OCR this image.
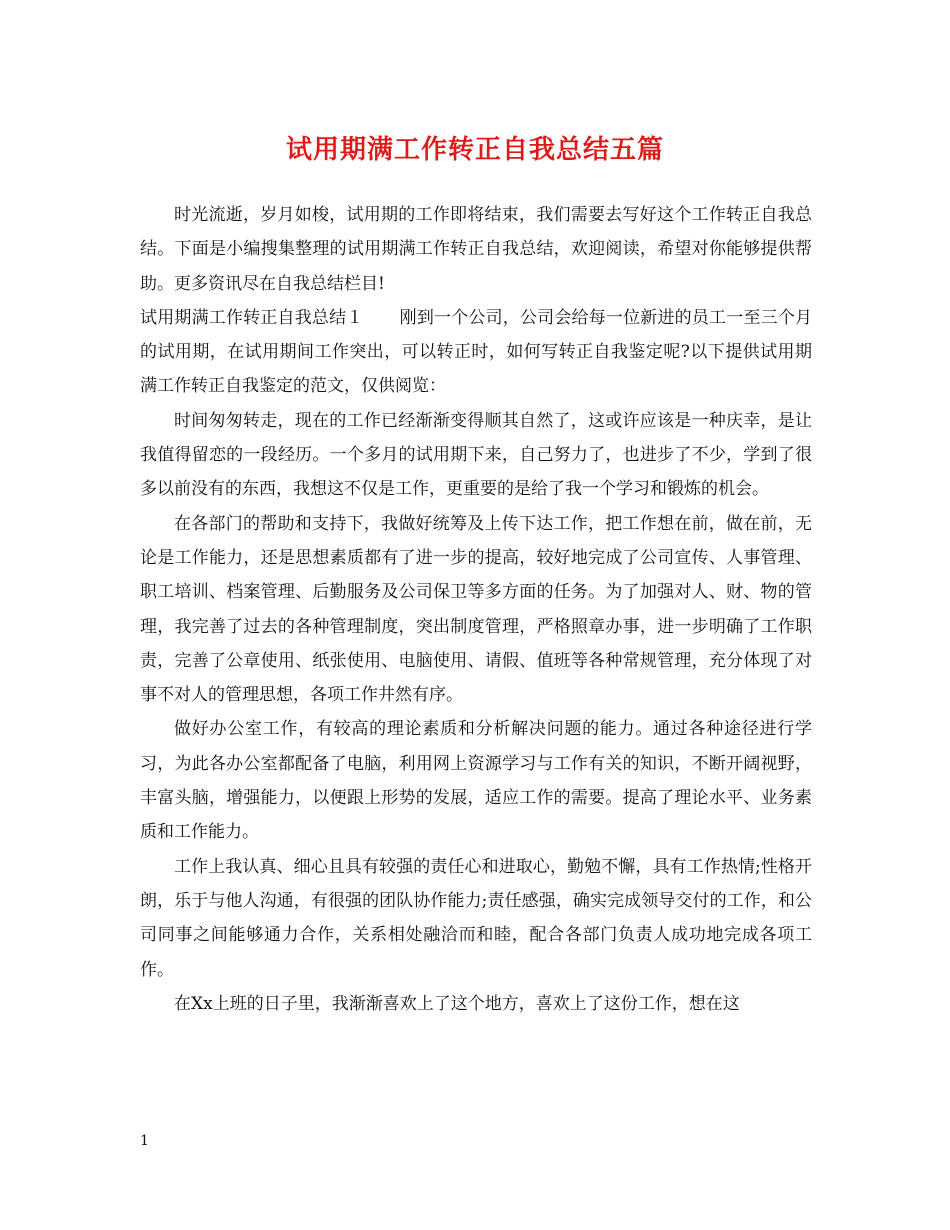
试用期满工作转正自我总结五篇

时光流逝，岁月如梭，试用期的工作即将结束，我们需要去写好这个工作转正自我总结。下面是小编搜集整理的试用期满工作转正自我总结，欢迎阅读，希望对你能够提供帮助。更多资讯尽在自我总结栏目!

试用期满工作转正自我总结１ 刚到一个公司，公司会给每一位新进的员工一至三个月的试用期，在试用期间工作突出，可以转正时，如何写转正自我鉴定呢?以下提供试用期满工作转正自我鉴定的范文，仅供阅览：

时间匆匆转走，现在的工作已经渐渐变得顺其自然了，这或许应该是一种庆幸，是让我值得留恋的一段经历。一个多月的试用期下来，自己努力了，也进步了不少，学到了很多以前没有的东西，我想这不仅是工作，更重要的是给了我一个学习和锻炼的机会。

在各部门的帮助和支持下，我做好统筹及上传下达工作，把工作想在前，做在前，无论是工作能力，还是思想素质都有了进一步的提高，较好地完成了公司宣传、人事管理、职工培训、档案管理、后勤服务及公司保卫等多方面的任务。为了加强对人、财、物的管理，我完善了过去的各种管理制度，突出制度管理，严格照章办事，进一步明确了工作职责，完善了公章使用、纸张使用、电脑使用、请假、值班等各种常规管理，充分体现了对事不对人的管理思想，各项工作井然有序。

做好办公室工作，有较高的理论素质和分析解决问题的能力。通过各种途径进行学习，为此各办公室都配备了电脑，利用网上资源学习与工作有关的知识，不断开阔视野，丰富头脑，增强能力，以便跟上形势的发展，适应工作的需要。提高了理论水平、业务素质和工作能力。

工作上我认真、细心且具有较强的责任心和进取心，勤勉不懈，具有工作热情;性格开朗，乐于与他人沟通，有很强的团队协作能力;责任感强，确实完成领导交付的工作，和公司同事之间能够通力合作，关系相处融洽而和睦，配合各部门负责人成功地完成各项工作。

在Xx上班的日子里，我渐渐喜欢上了这个地方，喜欢上了这份工作，想在这

1
